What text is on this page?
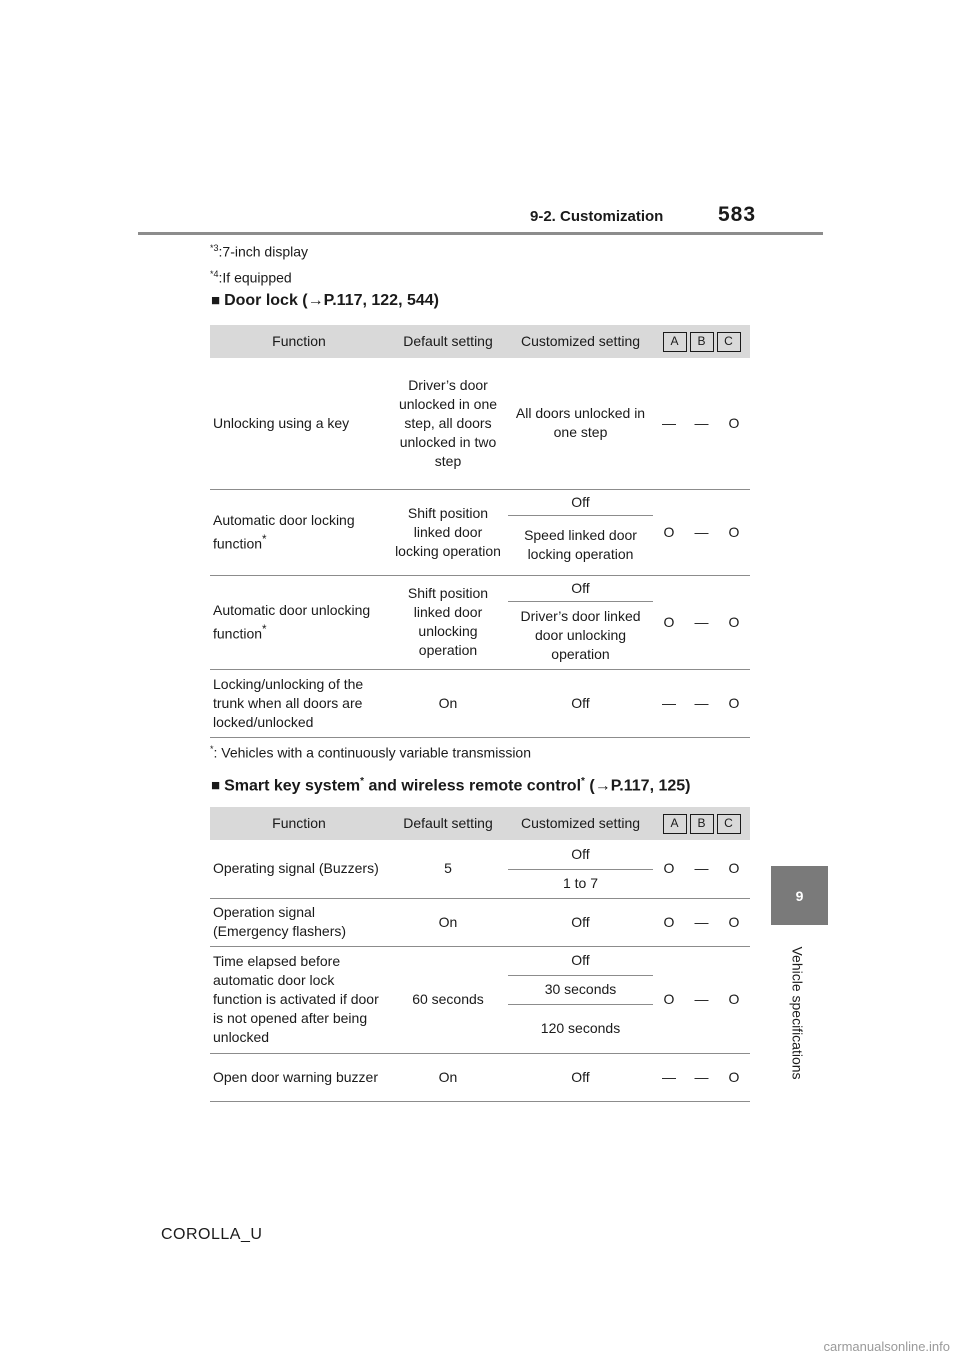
9-2. Customization	583
9
Vehicle specifications
$^{*3}$:7-inch display
$^{*4}$:If equipped
■ Door lock (→P.117, 122, 544)
Function	Default setting	Customized setting	A B C		

Unlocking using a key	Driver’s door unlocked in one step, all doors unlocked in two step	All doors unlocked in one step	—	—	O
Automatic door locking function*	Shift position linked door locking operation	Off	O	—	O
		Speed linked door locking operation			
Automatic door unlocking function*	Shift position linked door unlocking operation	Off	O	—	O
		Driver’s door linked door unlocking operation			
Locking/unlocking of the trunk when all doors are locked/unlocked	On	Off	—	—	O
*: Vehicles with a continuously variable transmission
■ Smart key system* and wireless remote control* (→P.117, 125)
Function	Default setting	Customized setting	A B C		

Operating signal (Buzzers)	5	Off	O	—	O
		1 to 7			
Operation signal (Emergency flashers)	On	Off	O	—	O
Time elapsed before automatic door lock function is activated if door is not opened after being unlocked	60 seconds	Off	O	—	O
		30 seconds			
		120 seconds			
Open door warning buzzer	On	Off	—	—	O
COROLLA_U
carmanualsonline.info
